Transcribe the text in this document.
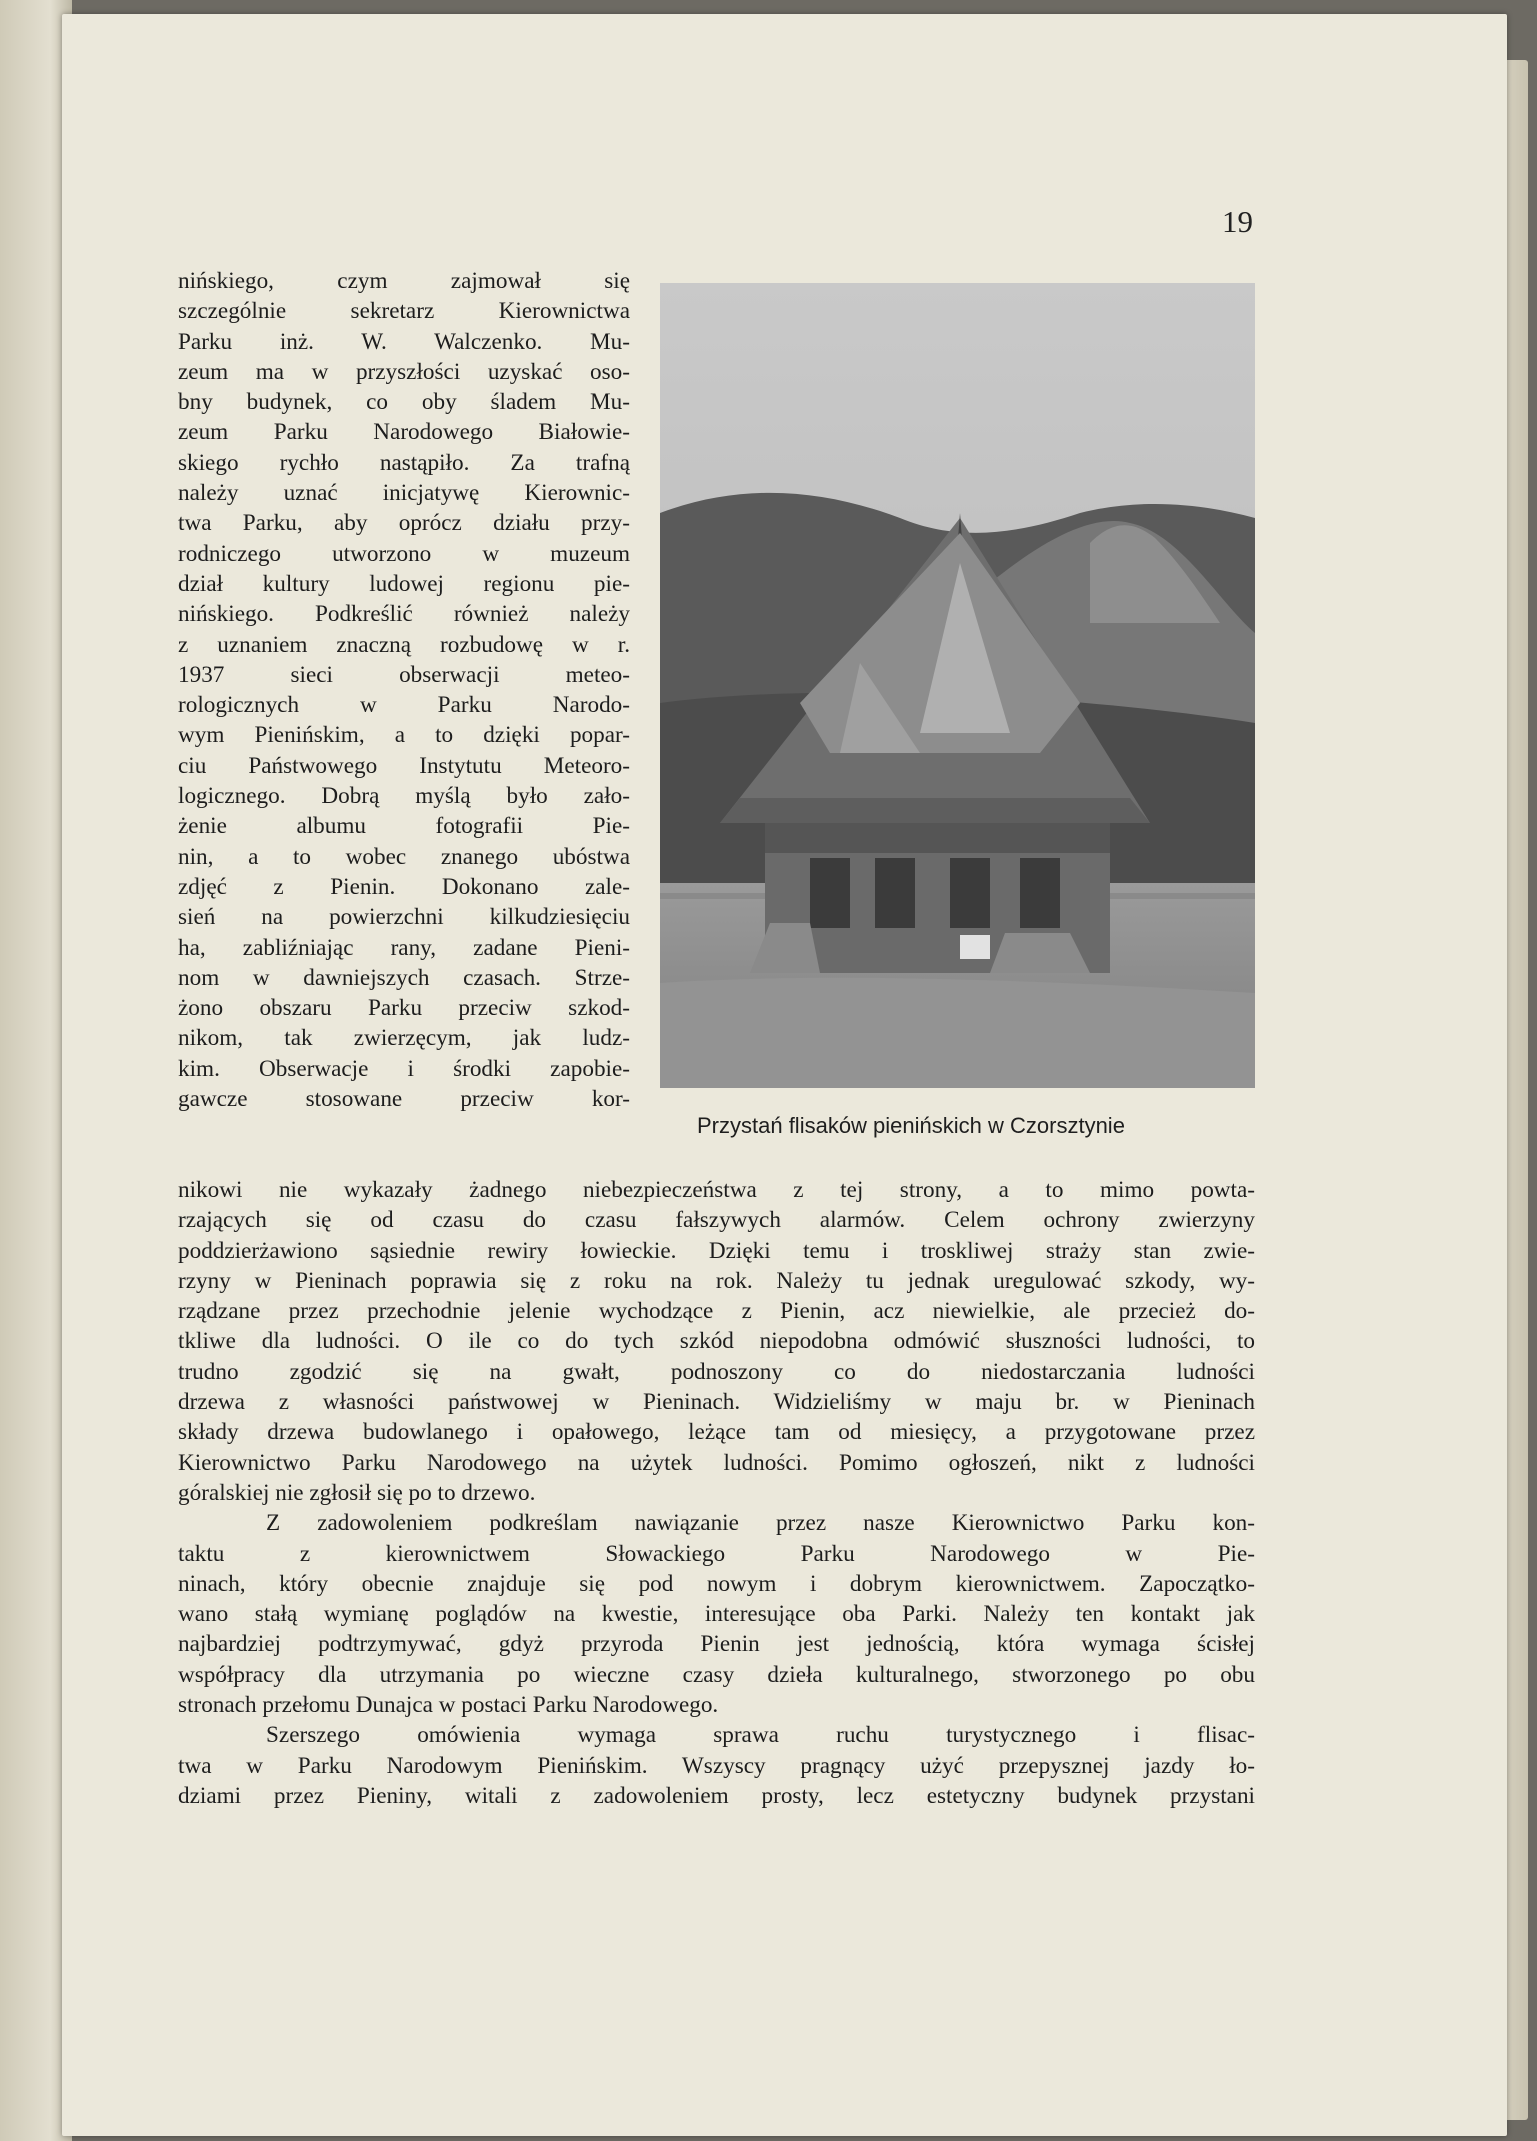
19
Przystań flisaków pienińskich w Czorsztynie
nińskiego, czym zajmował się
szczególnie sekretarz Kierownictwa
Parku inż. W. Walczenko. Mu-
zeum ma w przyszłości uzyskać oso-
bny budynek, co oby śladem Mu-
zeum Parku Narodowego Białowie-
skiego rychło nastąpiło. Za trafną
należy uznać inicjatywę Kierownic-
twa Parku, aby oprócz działu przy-
rodniczego utworzono w muzeum
dział kultury ludowej regionu pie-
nińskiego. Podkreślić również należy
z uznaniem znaczną rozbudowę w r.
1937 sieci obserwacji meteo-
rologicznych w Parku Narodo-
wym Pienińskim, a to dzięki popar-
ciu Państwowego Instytutu Meteoro-
logicznego. Dobrą myślą było zało-
żenie albumu fotografii Pie-
nin, a to wobec znanego ubóstwa
zdjęć z Pienin. Dokonano zale-
sień na powierzchni kilkudziesięciu
ha, zabliźniając rany, zadane Pieni-
nom w dawniejszych czasach. Strze-
żono obszaru Parku przeciw szkod-
nikom, tak zwierzęcym, jak ludz-
kim. Obserwacje i środki zapobie-
gawcze stosowane przeciw kor-
nikowi nie wykazały żadnego niebezpieczeństwa z tej strony, a to mimo powta-
rzających się od czasu do czasu fałszywych alarmów. Celem ochrony zwierzyny
poddzierżawiono sąsiednie rewiry łowieckie. Dzięki temu i troskliwej straży stan zwie-
rzyny w Pieninach poprawia się z roku na rok. Należy tu jednak uregulować szkody, wy-
rządzane przez przechodnie jelenie wychodzące z Pienin, acz niewielkie, ale przecież do-
tkliwe dla ludności. O ile co do tych szkód niepodobna odmówić słuszności ludności, to
trudno zgodzić się na gwałt, podnoszony co do niedostarczania ludności
drzewa z własności państwowej w Pieninach. Widzieliśmy w maju br. w Pieninach
składy drzewa budowlanego i opałowego, leżące tam od miesięcy, a przygotowane przez
Kierownictwo Parku Narodowego na użytek ludności. Pomimo ogłoszeń, nikt z ludności
góralskiej nie zgłosił się po to drzewo.
Z zadowoleniem podkreślam nawiązanie przez nasze Kierownictwo Parku kon-
taktu z kierownictwem Słowackiego Parku Narodowego w Pie-
ninach, który obecnie znajduje się pod nowym i dobrym kierownictwem. Zapoczątko-
wano stałą wymianę poglądów na kwestie, interesujące oba Parki. Należy ten kontakt jak
najbardziej podtrzymywać, gdyż przyroda Pienin jest jednością, która wymaga ścisłej
współpracy dla utrzymania po wieczne czasy dzieła kulturalnego, stworzonego po obu
stronach przełomu Dunajca w postaci Parku Narodowego.
Szerszego omówienia wymaga sprawa ruchu turystycznego i flisac-
twa w Parku Narodowym Pienińskim. Wszyscy pragnący użyć przepysznej jazdy ło-
dziami przez Pieniny, witali z zadowoleniem prosty, lecz estetyczny budynek przystani
